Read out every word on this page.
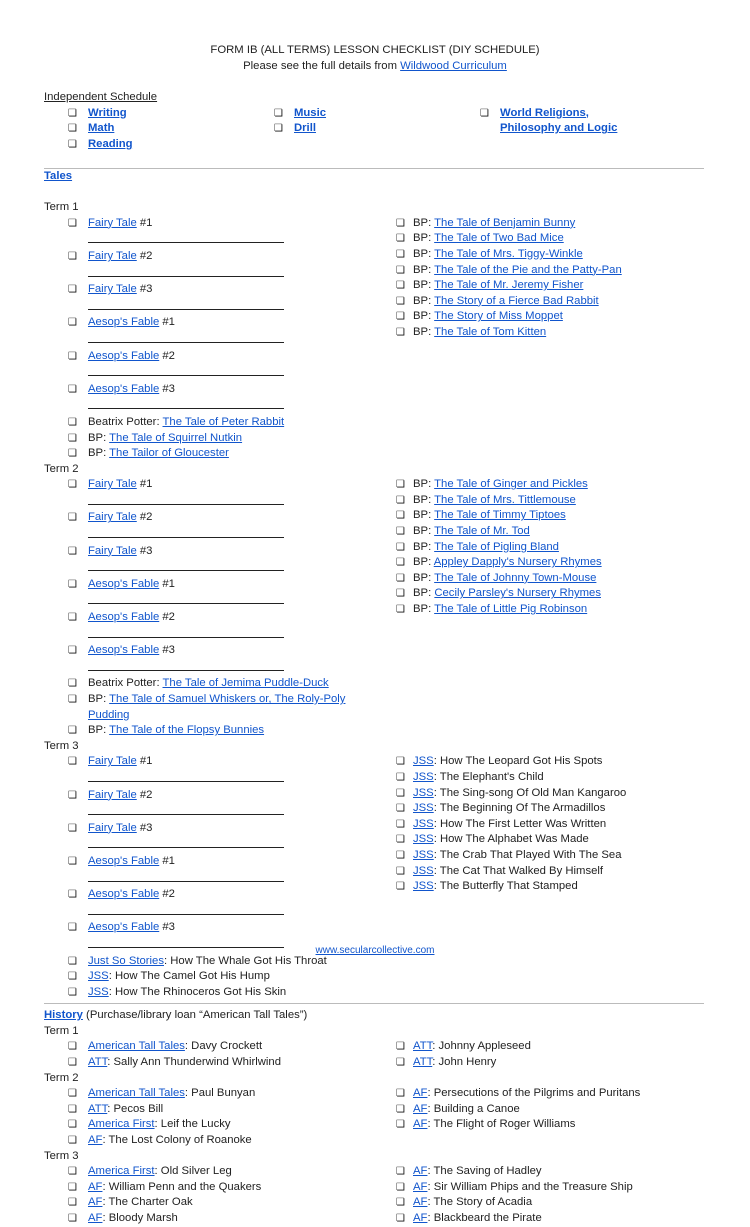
FORM IB (ALL TERMS) LESSON CHECKLIST (DIY SCHEDULE)
Please see the full details from Wildwood Curriculum
Independent Schedule
❏ Writing
❏ Math
❏ Reading
❏ Music
❏ Drill
❏ World Religions, Philosophy and Logic
Tales
Term 1
❏ Fairy Tale #1
❏ Fairy Tale #2
❏ Fairy Tale #3
❏ Aesop's Fable #1
❏ Aesop's Fable #2
❏ Aesop's Fable #3
❏ Beatrix Potter: The Tale of Peter Rabbit
❏ BP: The Tale of Squirrel Nutkin
❏ BP: The Tailor of Gloucester
❏ BP: The Tale of Benjamin Bunny
❏ BP: The Tale of Two Bad Mice
❏ BP: The Tale of Mrs. Tiggy-Winkle
❏ BP: The Tale of the Pie and the Patty-Pan
❏ BP: The Tale of Mr. Jeremy Fisher
❏ BP: The Story of a Fierce Bad Rabbit
❏ BP: The Story of Miss Moppet
❏ BP: The Tale of Tom Kitten
Term 2
❏ Fairy Tale #1
❏ Fairy Tale #2
❏ Fairy Tale #3
❏ Aesop's Fable #1
❏ Aesop's Fable #2
❏ Aesop's Fable #3
❏ Beatrix Potter: The Tale of Jemima Puddle-Duck
❏ BP: The Tale of Samuel Whiskers or, The Roly-Poly Pudding
❏ BP: The Tale of the Flopsy Bunnies
❏ BP: The Tale of Ginger and Pickles
❏ BP: The Tale of Mrs. Tittlemouse
❏ BP: The Tale of Timmy Tiptoes
❏ BP: The Tale of Mr. Tod
❏ BP: The Tale of Pigling Bland
❏ BP: Appley Dapply's Nursery Rhymes
❏ BP: The Tale of Johnny Town-Mouse
❏ BP: Cecily Parsley's Nursery Rhymes
❏ BP: The Tale of Little Pig Robinson
Term 3
❏ Fairy Tale #1
❏ Fairy Tale #2
❏ Fairy Tale #3
❏ Aesop's Fable #1
❏ Aesop's Fable #2
❏ Aesop's Fable #3
❏ Just So Stories: How The Whale Got His Throat
❏ JSS: How The Camel Got His Hump
❏ JSS: How The Rhinoceros Got His Skin
❏ JSS: How The Leopard Got His Spots
❏ JSS: The Elephant's Child
❏ JSS: The Sing-song Of Old Man Kangaroo
❏ JSS: The Beginning Of The Armadillos
❏ JSS: How The First Letter Was Written
❏ JSS: How The Alphabet Was Made
❏ JSS: The Crab That Played With The Sea
❏ JSS: The Cat That Walked By Himself
❏ JSS: The Butterfly That Stamped
History (Purchase/library loan “American Tall Tales”)
Term 1
❏ American Tall Tales: Davy Crockett
❏ ATT: Sally Ann Thunderwind Whirlwind
❏ ATT: Johnny Appleseed
❏ ATT: John Henry
Term 2
❏ American Tall Tales: Paul Bunyan
❏ ATT: Pecos Bill
❏ America First: Leif the Lucky
❏ AF: The Lost Colony of Roanoke
❏ AF: Persecutions of the Pilgrims and Puritans
❏ AF: Building a Canoe
❏ AF: The Flight of Roger Williams
Term 3
❏ America First: Old Silver Leg
❏ AF: William Penn and the Quakers
❏ AF: The Charter Oak
❏ AF: Bloody Marsh
❏ AF: The Saving of Hadley
❏ AF: Sir William Phips and the Treasure Ship
❏ AF: The Story of Acadia
❏ AF: Blackbeard the Pirate
www.secularcollective.com
